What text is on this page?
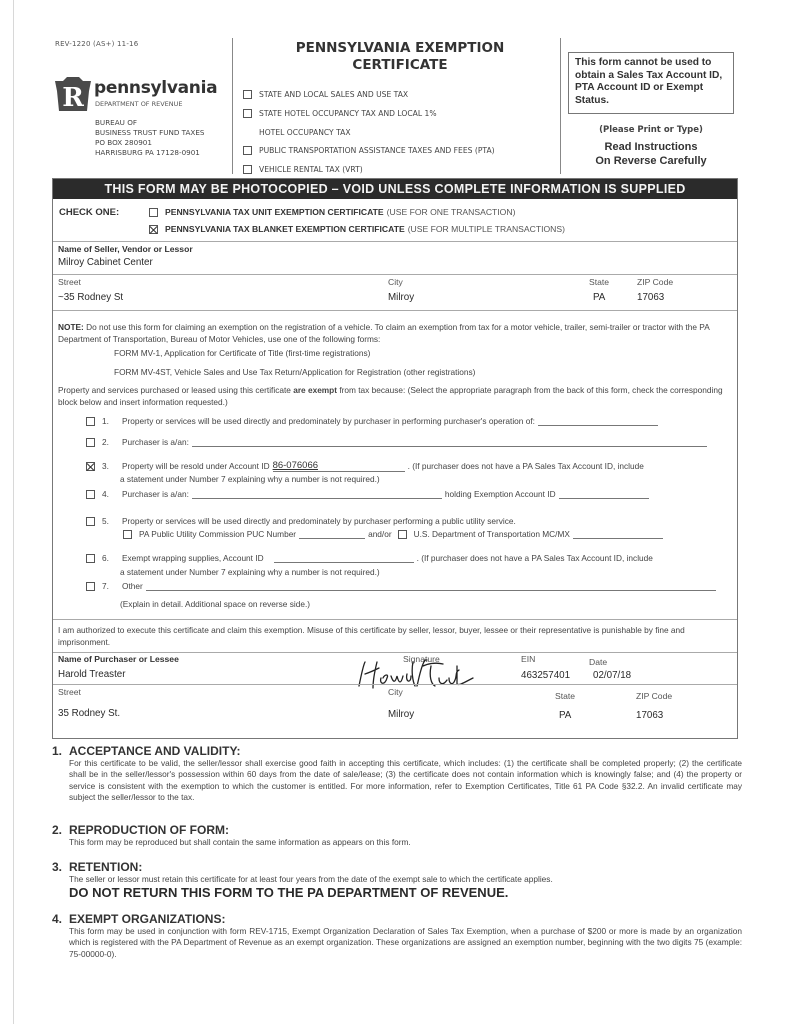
REV-1220 (AS+) 11-16
R pennsylvania
DEPARTMENT OF REVENUE
BUREAU OF
BUSINESS TRUST FUND TAXES
PO BOX 280901
HARRISBURG PA 17128-0901
PENNSYLVANIA EXEMPTION
CERTIFICATE
STATE AND LOCAL SALES AND USE TAX
STATE HOTEL OCCUPANCY TAX AND LOCAL 1%
HOTEL OCCUPANCY TAX
PUBLIC TRANSPORTATION ASSISTANCE TAXES AND FEES (PTA)
VEHICLE RENTAL TAX (VRT)
This form cannot be used to obtain a Sales Tax Account ID, PTA Account ID or Exempt Status.
(Please Print or Type)
Read Instructions
On Reverse Carefully
THIS FORM MAY BE PHOTOCOPIED – VOID UNLESS COMPLETE INFORMATION IS SUPPLIED
CHECK ONE:	PENNSYLVANIA TAX UNIT EXEMPTION CERTIFICATE (USE FOR ONE TRANSACTION)
PENNSYLVANIA TAX BLANKET EXEMPTION CERTIFICATE (USE FOR MULTIPLE TRANSACTIONS)
Name of Seller, Vendor or Lessor
Milroy Cabinet Center
Street
~35 Rodney St
City
Milroy
State
PA
ZIP Code
17063
NOTE: Do not use this form for claiming an exemption on the registration of a vehicle. To claim an exemption from tax for a motor vehicle, trailer, semi-trailer or tractor with the PA Department of Transportation, Bureau of Motor Vehicles, use one of the following forms:
FORM MV-1, Application for Certificate of Title (first-time registrations)
FORM MV-4ST, Vehicle Sales and Use Tax Return/Application for Registration (other registrations)
Property and services purchased or leased using this certificate are exempt from tax because: (Select the appropriate paragraph from the back of this form, check the corresponding block below and insert information requested.)
1.	Property or services will be used directly and predominately by purchaser in performing purchaser's operation of:
2.	Purchaser is a/an:
3.	Property will be resold under Account ID 86-076066	. (If purchaser does not have a PA Sales Tax Account ID, include
a statement under Number 7 explaining why a number is not required.)
4.	Purchaser is a/an:	holding Exemption Account ID
5.	Property or services will be used directly and predominately by purchaser performing a public utility service.
PA Public Utility Commission PUC Number	and/or	U.S. Department of Transportation MC/MX
6.	Exempt wrapping supplies, Account ID	. (If purchaser does not have a PA Sales Tax Account ID, include
a statement under Number 7 explaining why a number is not required.)
7.	Other
(Explain in detail. Additional space on reverse side.)
I am authorized to execute this certificate and claim this exemption. Misuse of this certificate by seller, lessor, buyer, lessee or their representative is punishable by fine and imprisonment.
Name of Purchaser or Lessee
Harold Treaster
Signature	EIN
463257401
Date
02/07/18
Street
35 Rodney St.
City
Milroy
State
PA
ZIP Code
17063
1. ACCEPTANCE AND VALIDITY:

For this certificate to be valid, the seller/lessor shall exercise good faith in accepting this certificate, which includes: (1) the certificate shall be completed properly; (2) the certificate shall be in the seller/lessor's possession within 60 days from the date of sale/lease; (3) the certificate does not contain information which is knowingly false; and (4) the property or service is consistent with the exemption to which the customer is entitled. For more information, refer to Exemption Certificates, Title 61 PA Code §32.2. An invalid certificate may subject the seller/lessor to the tax.

2. REPRODUCTION OF FORM:

This form may be reproduced but shall contain the same information as appears on this form.

3. RETENTION:

The seller or lessor must retain this certificate for at least four years from the date of the exempt sale to which the certificate applies.

DO NOT RETURN THIS FORM TO THE PA DEPARTMENT OF REVENUE.
4. EXEMPT ORGANIZATIONS:

This form may be used in conjunction with form REV-1715, Exempt Organization Declaration of Sales Tax Exemption, when a purchase of $200 or more is made by an organization which is registered with the PA Department of Revenue as an exempt organization. These organizations are assigned an exemption number, beginning with the two digits 75 (example: 75-00000-0).
